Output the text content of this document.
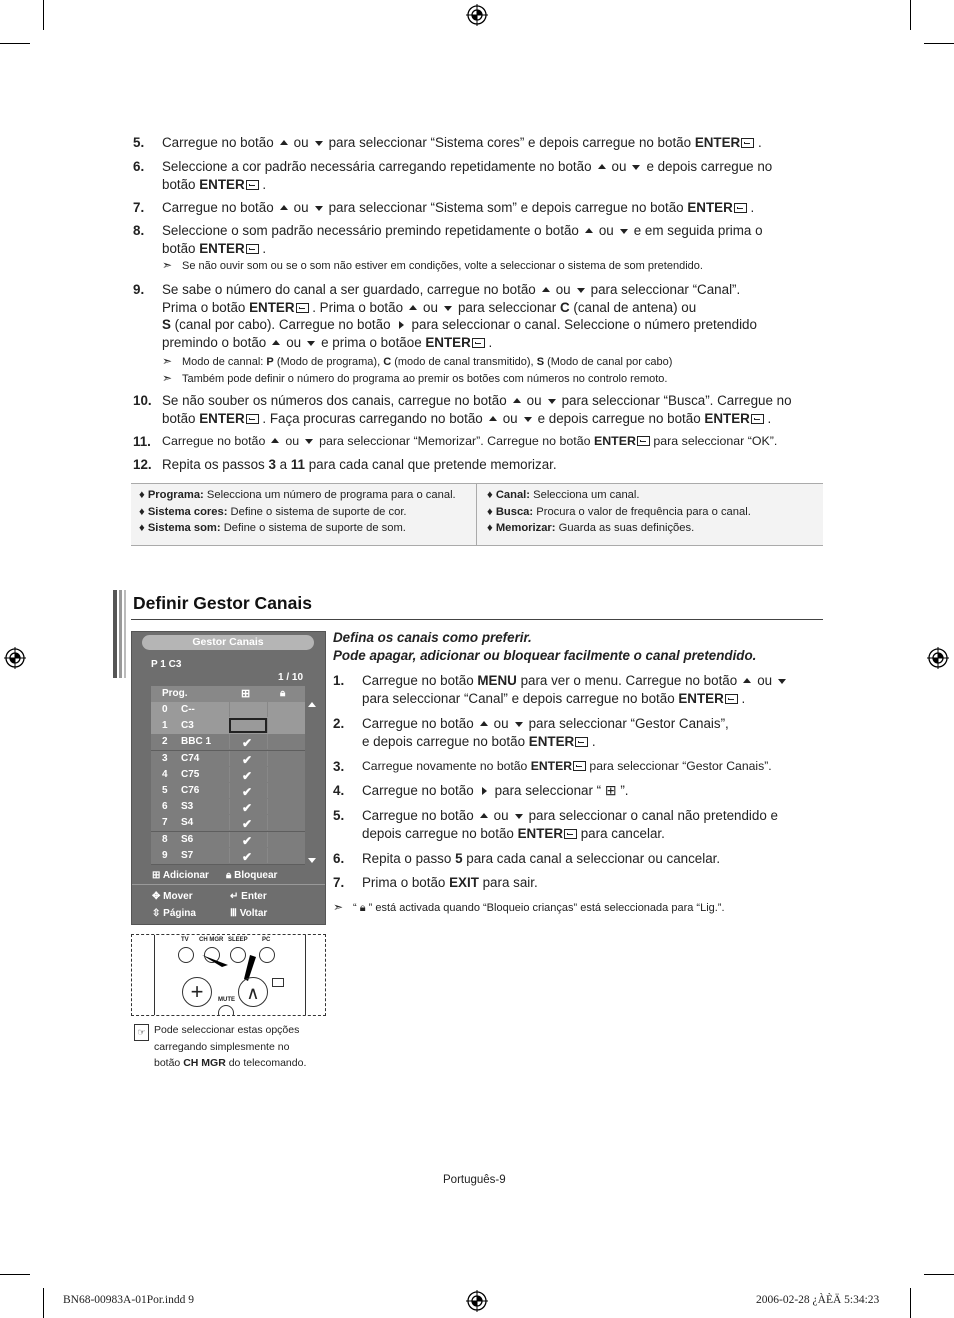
5. Carregue no botão ou para seleccionar “Sistema cores” e depois carregue no botão ENTER .
6. Seleccione a cor padrão necessária carregando repetidamente no botão ou e depois carregue no
botão ENTER .
7. Carregue no botão ou para seleccionar “Sistema som” e depois carregue no botão ENTER .
8. Seleccione o som padrão necessário premindo repetidamente o botão ou e em seguida prima o
botão ENTER .
➣ Se não ouvir som ou se o som não estiver em condições, volte a seleccionar o sistema de som pretendido.
9. Se sabe o número do canal a ser guardado, carregue no botão ou para seleccionar “Canal”.
Prima o botão ENTER . Prima o botão ou para seleccionar C (canal de antena) ou
S (canal por cabo). Carregue no botão para seleccionar o canal. Seleccione o número pretendido
premindo o botão ou e prima o botãoe ENTER .
➣ Modo de cannal: P (Modo de programa), C (modo de canal transmitido), S (Modo de canal por cabo)
➣ Também pode definir o número do programa ao premir os botões com números no controlo remoto.
10. Se não souber os números dos canais, carregue no botão ou para seleccionar “Busca”. Carregue no
botão ENTER . Faça procuras carregando no botão ou e depois carregue no botão ENTER .
11. Carregue no botão ou para seleccionar “Memorizar”. Carregue no botão ENTER para seleccionar “OK”.
12. Repita os passos 3 a 11 para cada canal que pretende memorizar.
♦ Programa: Selecciona um número de programa para o canal.
♦ Sistema cores: Define o sistema de suporte de cor.
♦ Sistema som: Define o sistema de suporte de som.
♦ Canal: Selecciona um canal.
♦ Busca: Procura o valor de frequência para o canal.
♦ Memorizar: Guarda as suas definições.
Definir Gestor Canais
Gestor Canais
P 1 C3
1 / 10
Prog.	⊞	🔒︎
0 C--
1 C3
2 BBC 1	✔
3 C74	✔
4 C75	✔
5 C76	✔
6 S3	✔
7 S4	✔
8 S6	✔
9 S7	✔
⊞ Adicionar 🔒︎ Bloquear
✥ Mover	↵ Enter
⇳ Página	Ⅲ Voltar
TV CH MGR SLEEP PC
+	∧
MUTE
☞ Pode seleccionar estas opções
carregando simplesmente no
botão CH MGR do telecomando.
Defina os canais como preferir.
Pode apagar, adicionar ou bloquear facilmente o canal pretendido.
1. Carregue no botão MENU para ver o menu. Carregue no botão ou
para seleccionar “Canal” e depois carregue no botão ENTER .
2. Carregue no botão ou para seleccionar “Gestor Canais”,
e depois carregue no botão ENTER .
3. Carregue novamente no botão ENTER para seleccionar “Gestor Canais”.
4. Carregue no botão para seleccionar “ ⊞ ”.
5. Carregue no botão ou para seleccionar o canal não pretendido e
depois carregue no botão ENTER para cancelar.
6. Repita o passo 5 para cada canal a seleccionar ou cancelar.
7. Prima o botão EXIT para sair.
➣ “ 🔒︎ ” está activada quando “Bloqueio crianças” está seleccionada para “Lig.”.
Português-9
BN68-00983A-01Por.indd 9	2006-02-28 ¿ÀÈÄ 5:34:23
